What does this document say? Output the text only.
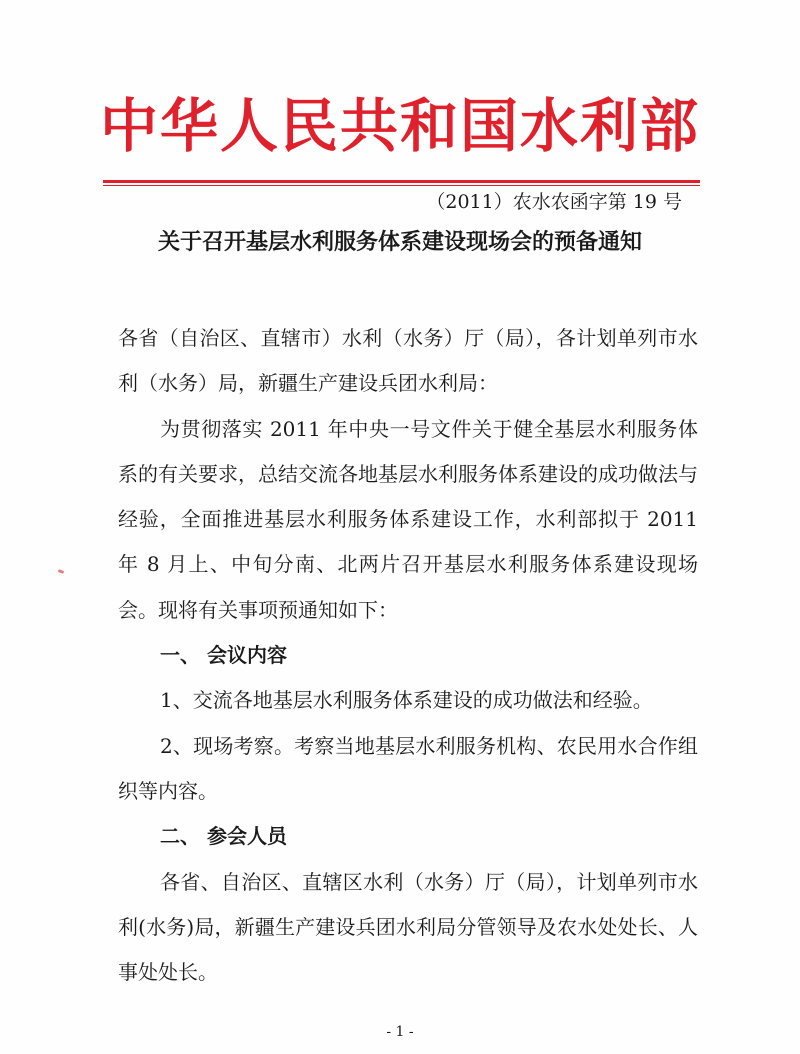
中华人民共和国水利部
（2011）农水农函字第 19 号
关于召开基层水利服务体系建设现场会的预备通知

各省（自治区、直辖市）水利（水务）厅（局），各计划单列市水利（水务）局，新疆生产建设兵团水利局：

为贯彻落实 2011 年中央一号文件关于健全基层水利服务体系的有关要求，总结交流各地基层水利服务体系建设的成功做法与经验，全面推进基层水利服务体系建设工作，水利部拟于 2011 年 8 月上、中旬分南、北两片召开基层水利服务体系建设现场会。现将有关事项预通知如下：

一、 会议内容

1、交流各地基层水利服务体系建设的成功做法和经验。

2、现场考察。考察当地基层水利服务机构、农民用水合作组织等内容。

二、 参会人员

各省、自治区、直辖区水利（水务）厅（局），计划单列市水利(水务)局，新疆生产建设兵团水利局分管领导及农水处处长、人事处处长。

- 1 -
